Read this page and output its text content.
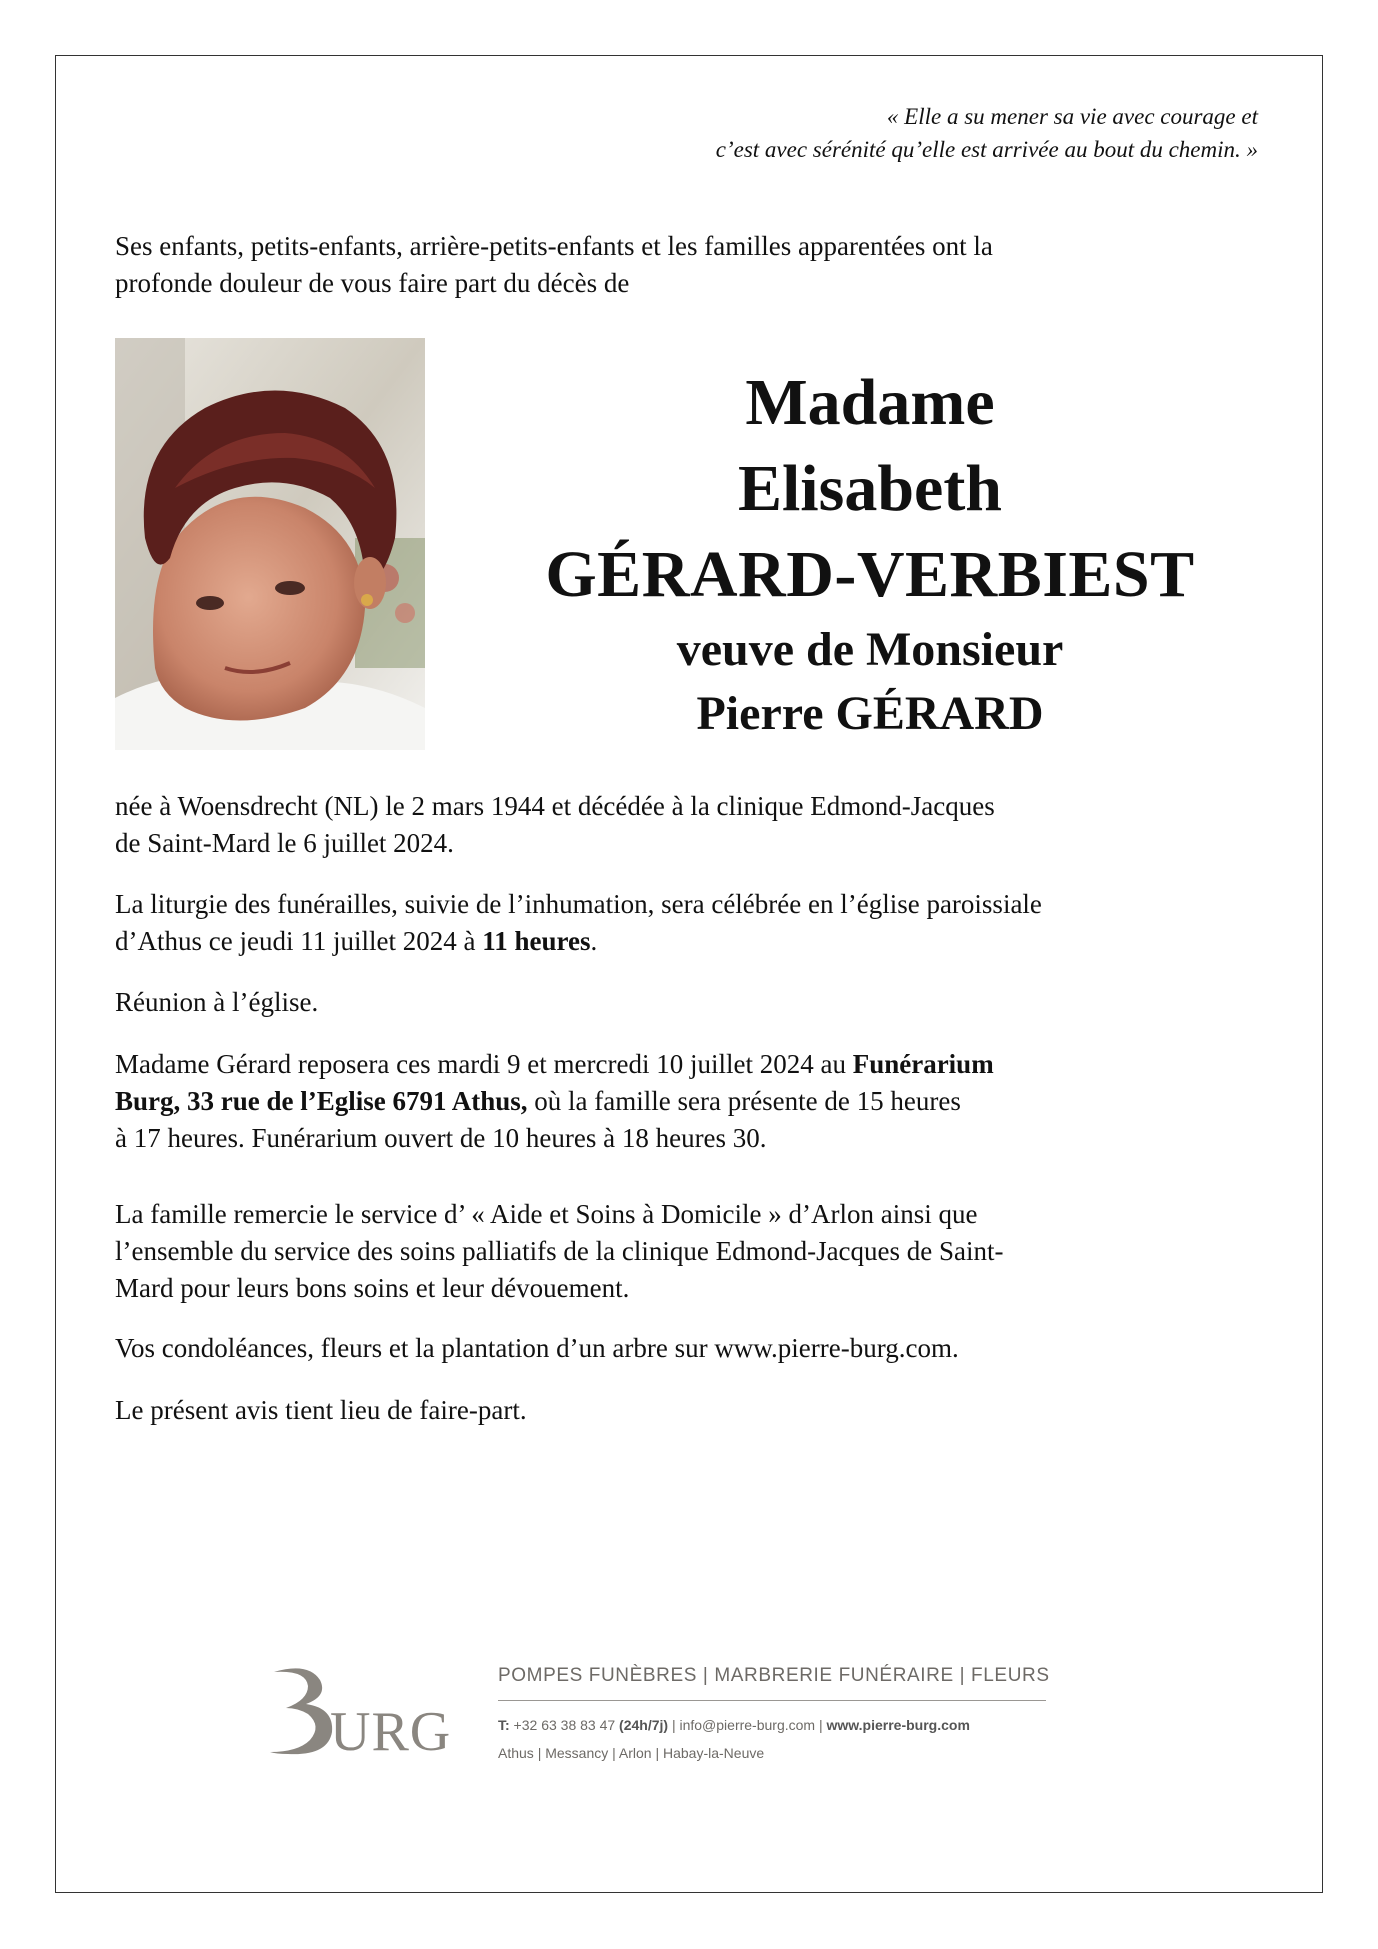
« Elle a su mener sa vie avec courage et
c’est avec sérénité qu’elle est arrivée au bout du chemin. »
Ses enfants, petits-enfants, arrière-petits-enfants et les familles apparentées ont la
profonde douleur de vous faire part du décès de
Madame
Elisabeth
GÉRARD-VERBIEST
veuve de Monsieur
Pierre GÉRARD
née à Woensdrecht (NL) le 2 mars 1944 et décédée à la clinique Edmond-Jacques
de Saint-Mard le 6 juillet 2024.
La liturgie des funérailles, suivie de l’inhumation, sera célébrée en l’église paroissiale
d’Athus ce jeudi 11 juillet 2024 à 11 heures.
Réunion à l’église.
Madame Gérard reposera ces mardi 9 et mercredi 10 juillet 2024 au Funérarium
Burg, 33 rue de l’Eglise 6791 Athus, où la famille sera présente de 15 heures
à 17 heures. Funérarium ouvert de 10 heures à 18 heures 30.
La famille remercie le service d’ « Aide et Soins à Domicile » d’Arlon ainsi que
l’ensemble du service des soins palliatifs de la clinique Edmond-Jacques de Saint-
Mard pour leurs bons soins et leur dévouement.
Vos condoléances, fleurs et la plantation d’un arbre sur www.pierre-burg.com.
Le présent avis tient lieu de faire-part.
URG
POMPES FUNÈBRES | MARBRERIE FUNÉRAIRE | FLEURS
T: +32 63 38 83 47 (24h/7j) | info@pierre-burg.com | www.pierre-burg.com
Athus | Messancy | Arlon | Habay-la-Neuve
